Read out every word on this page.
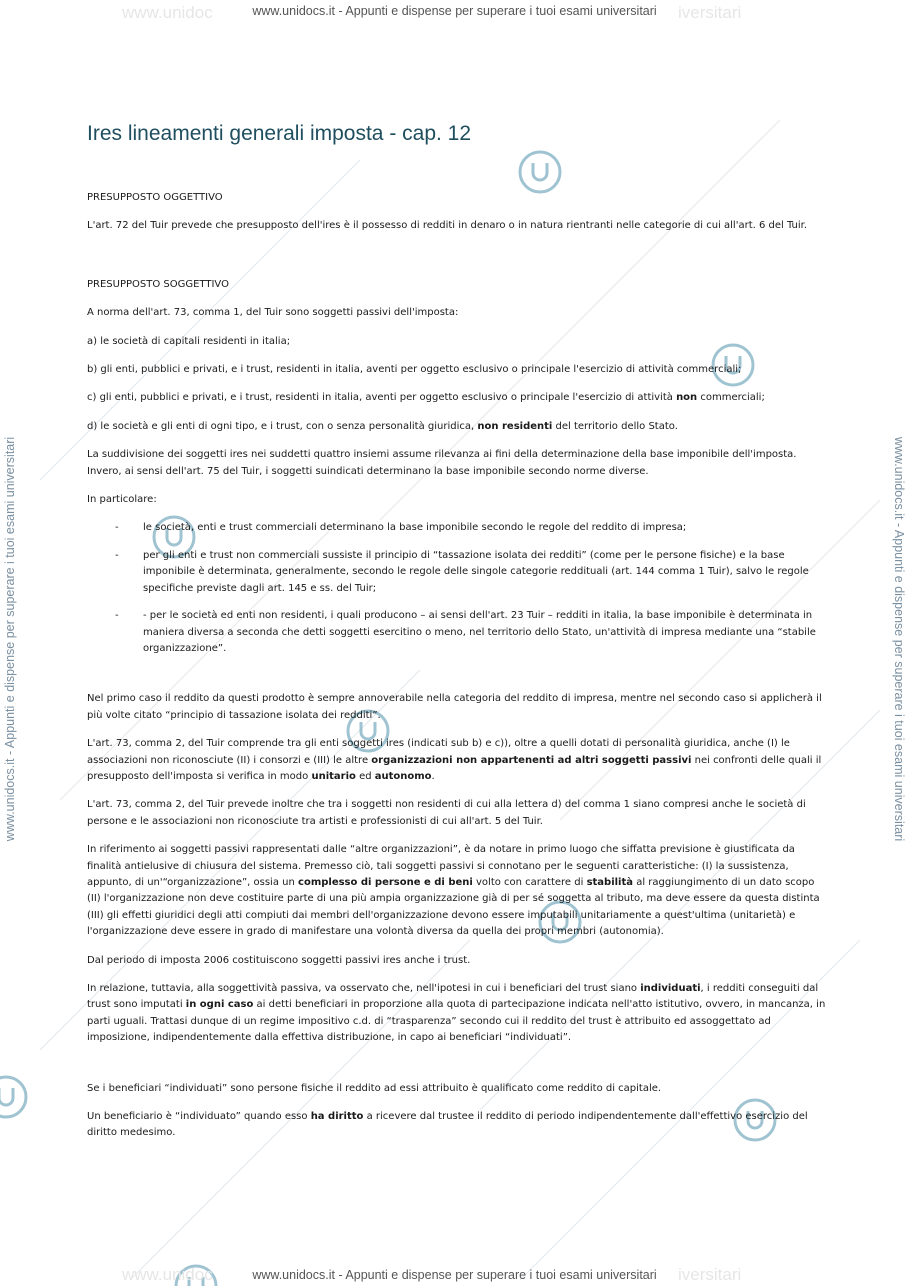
www.unidoc	iversitari
www.unidoc	iversitari
www.unidocs.it - Appunti e dispense per superare i tuoi esami universitari
www.unidocs.it - Appunti e dispense per superare i tuoi esami universitari
www.unidocs.it - Appunti e dispense per superare i tuoi esami universitari	www.unidocs.it - Appunti e dispense per superare i tuoi esami universitari
Ires lineamenti generali imposta - cap. 12

PRESUPPOSTO OGGETTIVO

L'art. 72 del Tuir prevede che presupposto dell'ires è il possesso di redditi in denaro o in natura rientranti nelle categorie di cui all'art. 6 del Tuir.

PRESUPPOSTO SOGGETTIVO

A norma dell'art. 73, comma 1, del Tuir sono soggetti passivi dell'imposta:

a) le società di capitali residenti in italia;

b) gli enti, pubblici e privati, e i trust, residenti in italia, aventi per oggetto esclusivo o principale l'esercizio di attività commerciali;

c) gli enti, pubblici e privati, e i trust, residenti in italia, aventi per oggetto esclusivo o principale l'esercizio di attività non commerciali;

d) le società e gli enti di ogni tipo, e i trust, con o senza personalità giuridica, non residenti del territorio dello Stato.

La suddivisione dei soggetti ires nei suddetti quattro insiemi assume rilevanza ai fini della determinazione della base imponibile dell'imposta. Invero, ai sensi dell'art. 75 del Tuir, i soggetti suindicati determinano la base imponibile secondo norme diverse.

In particolare:

- le società, enti e trust commerciali determinano la base imponibile secondo le regole del reddito di impresa;
- per gli enti e trust non commerciali sussiste il principio di “tassazione isolata dei redditi” (come per le persone fisiche) e la base imponibile è determinata, generalmente, secondo le regole delle singole categorie reddituali (art. 144 comma 1 Tuir), salvo le regole specifiche previste dagli art. 145 e ss. del Tuir;
- - per le società ed enti non residenti, i quali producono – ai sensi dell'art. 23 Tuir – redditi in italia, la base imponibile è determinata in maniera diversa a seconda che detti soggetti esercitino o meno, nel territorio dello Stato, un'attività di impresa mediante una “stabile organizzazione”.

Nel primo caso il reddito da questi prodotto è sempre annoverabile nella categoria del reddito di impresa, mentre nel secondo caso si applicherà il più volte citato “principio di tassazione isolata dei redditi”.

L'art. 73, comma 2, del Tuir comprende tra gli enti soggetti ires (indicati sub b) e c)), oltre a quelli dotati di personalità giuridica, anche (I) le associazioni non riconosciute (II) i consorzi e (III) le altre organizzazioni non appartenenti ad altri soggetti passivi nei confronti delle quali il presupposto dell'imposta si verifica in modo unitario ed autonomo.

L'art. 73, comma 2, del Tuir prevede inoltre che tra i soggetti non residenti di cui alla lettera d) del comma 1 siano compresi anche le società di persone e le associazioni non riconosciute tra artisti e professionisti di cui all'art. 5 del Tuir.

In riferimento ai soggetti passivi rappresentati dalle “altre organizzazioni”, è da notare in primo luogo che siffatta previsione è giustificata da finalità antielusive di chiusura del sistema. Premesso ciò, tali soggetti passivi si connotano per le seguenti caratteristiche: (I) la sussistenza, appunto, di un'“organizzazione”, ossia un complesso di persone e di beni volto con carattere di stabilità al raggiungimento di un dato scopo (II) l'organizzazione non deve costituire parte di una più ampia organizzazione già di per sé soggetta al tributo, ma deve essere da questa distinta (III) gli effetti giuridici degli atti compiuti dai membri dell'organizzazione devono essere imputabili unitariamente a quest'ultima (unitarietà) e l'organizzazione deve essere in grado di manifestare una volontà diversa da quella dei propri membri (autonomia).

Dal periodo di imposta 2006 costituiscono soggetti passivi ires anche i trust.

In relazione, tuttavia, alla soggettività passiva, va osservato che, nell'ipotesi in cui i beneficiari del trust siano individuati, i redditi conseguiti dal trust sono imputati in ogni caso ai detti beneficiari in proporzione alla quota di partecipazione indicata nell'atto istitutivo, ovvero, in mancanza, in parti uguali. Trattasi dunque di un regime impositivo c.d. di “trasparenza” secondo cui il reddito del trust è attribuito ed assoggettato ad imposizione, indipendentemente dalla effettiva distribuzione, in capo ai beneficiari “individuati”.

Se i beneficiari “individuati” sono persone fisiche il reddito ad essi attribuito è qualificato come reddito di capitale.

Un beneficiario è “individuato” quando esso ha diritto a ricevere dal trustee il reddito di periodo indipendentemente dall'effettivo esercizio del diritto medesimo.
